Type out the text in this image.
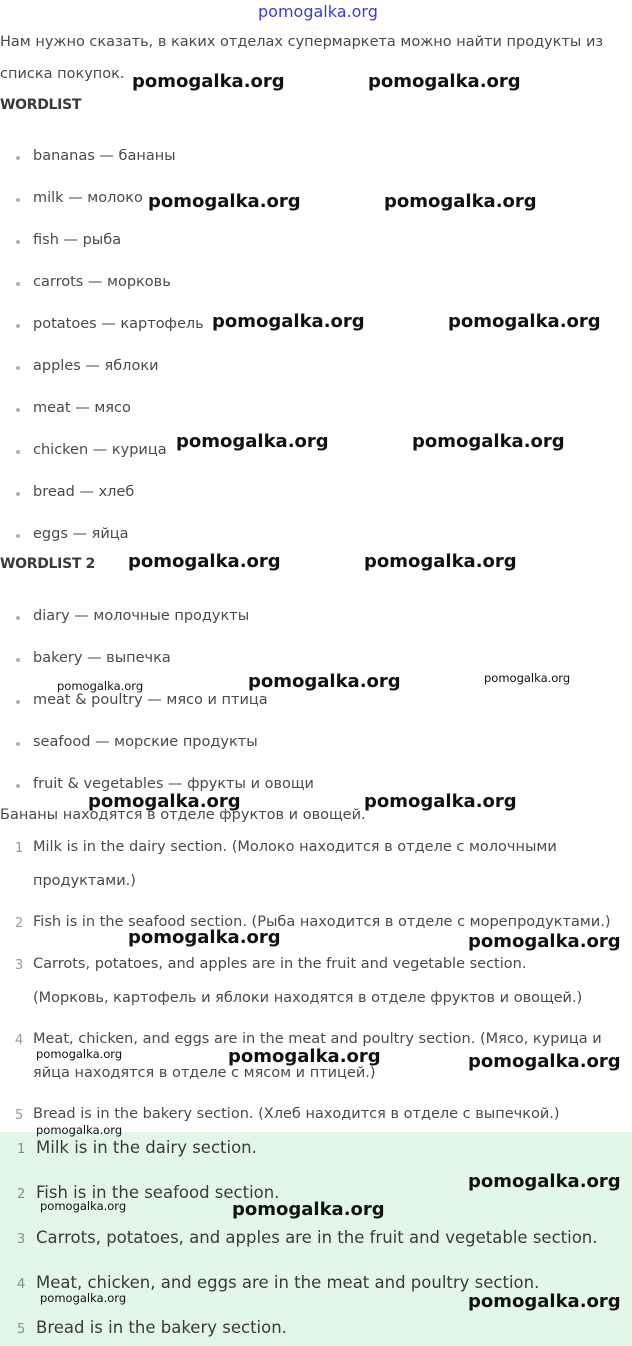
pomogalka.org
Нам нужно сказать, в каких отделах супермаркета можно найти продукты из
списка покупок.
WORDLIST
bananas — бананы
milk — молоко
fish — рыба
carrots — морковь
potatoes — картофель
apples — яблоки
meat — мясо
chicken — курица
bread — хлеб
eggs — яйца
WORDLIST 2
diary — молочные продукты
bakery — выпечка
meat & poultry — мясо и птица
seafood — морские продукты
fruit & vegetables — фрукты и овощи
Бананы находятся в отделе фруктов и овощей.
1 Milk is in the dairy section. (Молоко находится в отделе с молочными
продуктами.)
2 Fish is in the seafood section. (Рыба находится в отделе с морепродуктами.)
3 Carrots, potatoes, and apples are in the fruit and vegetable section.
(Морковь, картофель и яблоки находятся в отделе фруктов и овощей.)
4 Meat, chicken, and eggs are in the meat and poultry section. (Мясо, курица и
яйца находятся в отделе с мясом и птицей.)
5 Bread is in the bakery section. (Хлеб находится в отделе с выпечкой.)
1 Milk is in the dairy section.
2 Fish is in the seafood section.
3 Carrots, potatoes, and apples are in the fruit and vegetable section.
4 Meat, chicken, and eggs are in the meat and poultry section.
5 Bread is in the bakery section.
pomogalka.org	pomogalka.org
pomogalka.org	pomogalka.org
pomogalka.org	pomogalka.org
pomogalka.org	pomogalka.org
pomogalka.org	pomogalka.org
pomogalka.org	pomogalka.org	pomogalka.org
pomogalka.org	pomogalka.org
pomogalka.org	pomogalka.org
pomogalka.org	pomogalka.org	pomogalka.org
pomogalka.org
pomogalka.org
pomogalka.org	pomogalka.org
pomogalka.org	pomogalka.org
